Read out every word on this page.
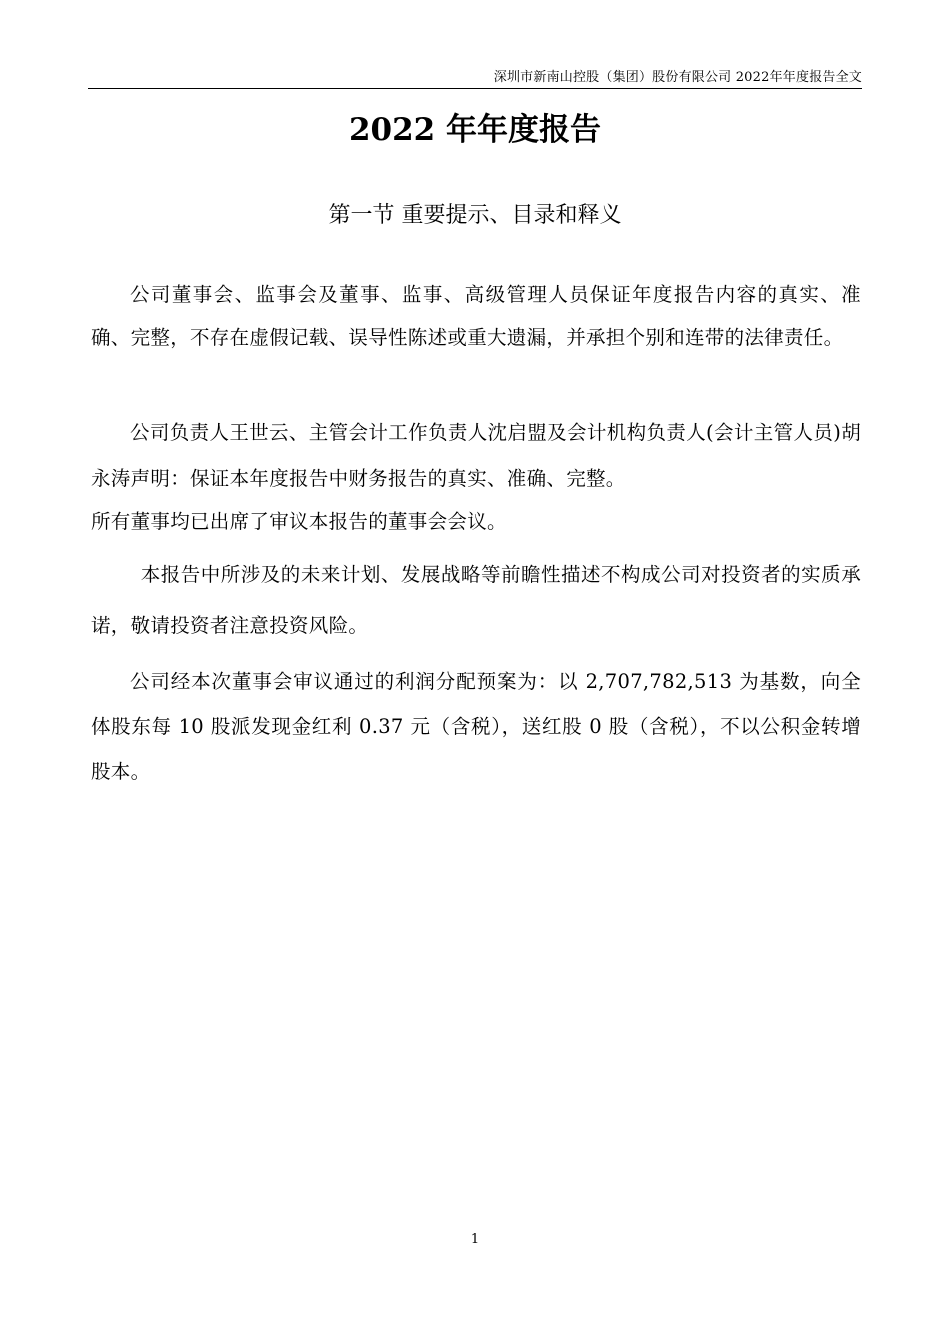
深圳市新南山控股（集团）股份有限公司 2022年年度报告全文
2022 年年度报告
第一节 重要提示、目录和释义

公司董事会、监事会及董事、监事、高级管理人员保证年度报告内容的真实、准确、完整，不存在虚假记载、误导性陈述或重大遗漏，并承担个别和连带的法律责任。

公司负责人王世云、主管会计工作负责人沈启盟及会计机构负责人(会计主管人员)胡永涛声明：保证本年度报告中财务报告的真实、准确、完整。

所有董事均已出席了审议本报告的董事会会议。

本报告中所涉及的未来计划、发展战略等前瞻性描述不构成公司对投资者的实质承诺，敬请投资者注意投资风险。

公司经本次董事会审议通过的利润分配预案为：以 2,707,782,513 为基数，向全体股东每 10 股派发现金红利 0.37 元（含税），送红股 0 股（含税），不以公积金转增股本。

1
